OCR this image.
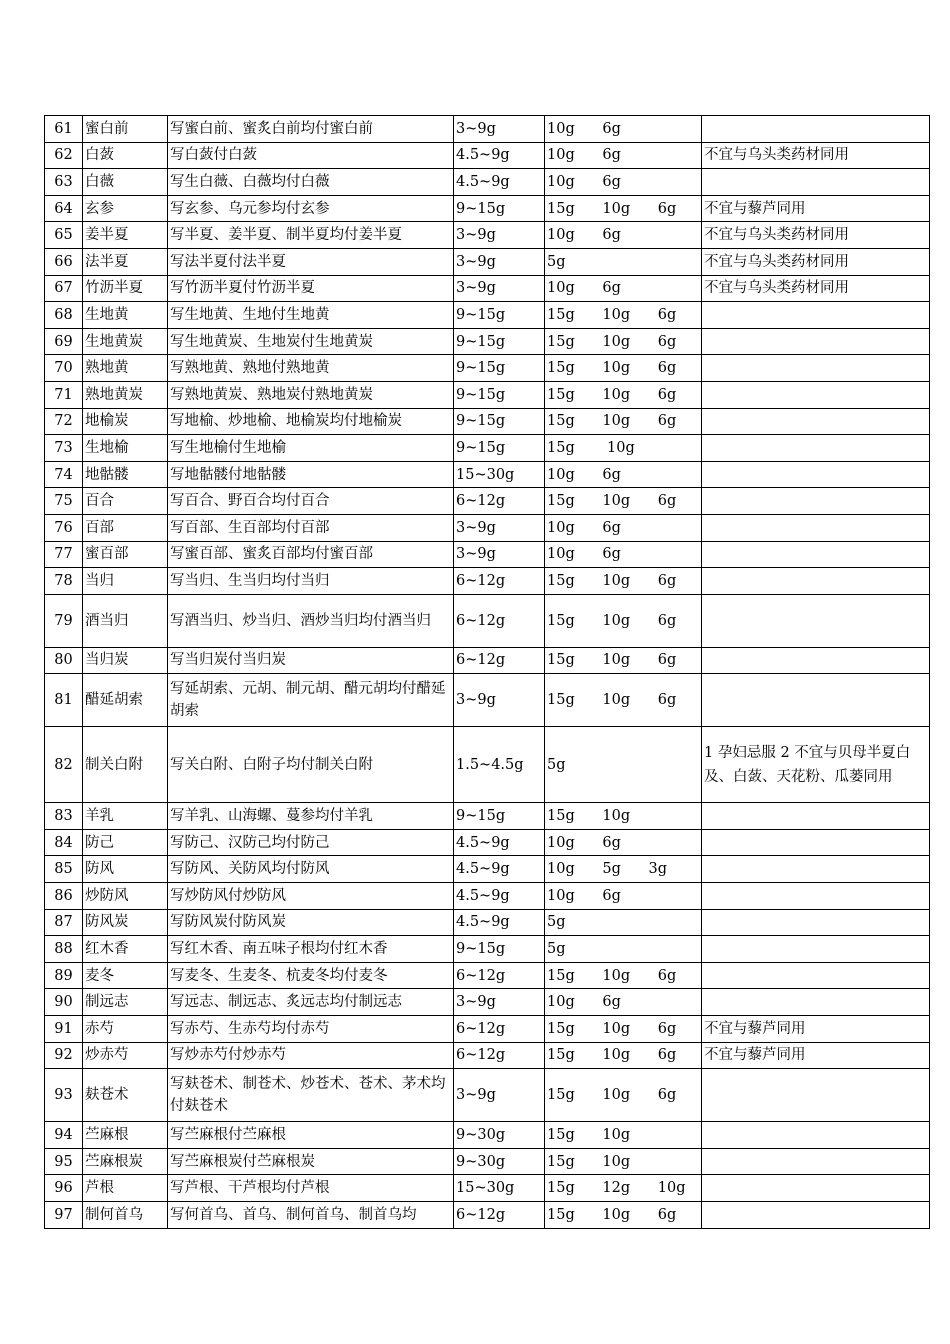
61	蜜白前	写蜜白前、蜜炙白前均付蜜白前	3~9g	10g      6g	
62	白蔹	写白蔹付白蔹	4.5~9g	10g      6g	不宜与乌头类药材同用
63	白薇	写生白薇、白薇均付白薇	4.5~9g	10g      6g	
64	玄参	写玄参、乌元参均付玄参	9~15g	15g      10g      6g	不宜与藜芦同用
65	姜半夏	写半夏、姜半夏、制半夏均付姜半夏	3~9g	10g      6g	不宜与乌头类药材同用
66	法半夏	写法半夏付法半夏	3~9g	5g	不宜与乌头类药材同用
67	竹沥半夏	写竹沥半夏付竹沥半夏	3~9g	10g      6g	不宜与乌头类药材同用
68	生地黄	写生地黄、生地付生地黄	9~15g	15g      10g      6g	
69	生地黄炭	写生地黄炭、生地炭付生地黄炭	9~15g	15g      10g      6g	
70	熟地黄	写熟地黄、熟地付熟地黄	9~15g	15g      10g      6g	
71	熟地黄炭	写熟地黄炭、熟地炭付熟地黄炭	9~15g	15g      10g      6g	
72	地榆炭	写地榆、炒地榆、地榆炭均付地榆炭	9~15g	15g      10g      6g	
73	生地榆	写生地榆付生地榆	9~15g	15g       10g	
74	地骷髅	写地骷髅付地骷髅	15~30g	10g      6g	
75	百合	写百合、野百合均付百合	6~12g	15g      10g      6g	
76	百部	写百部、生百部均付百部	3~9g	10g      6g	
77	蜜百部	写蜜百部、蜜炙百部均付蜜百部	3~9g	10g      6g	
78	当归	写当归、生当归均付当归	6~12g	15g      10g      6g	
79	酒当归	写酒当归、炒当归、酒炒当归均付酒当归	6~12g	15g      10g      6g	
80	当归炭	写当归炭付当归炭	6~12g	15g      10g      6g	
81	醋延胡索	写延胡索、元胡、制元胡、醋元胡均付醋延胡索	3~9g	15g      10g      6g	
82	制关白附	写关白附、白附子均付制关白附	1.5~4.5g	5g	1 孕妇忌服 2 不宜与贝母半夏白及、白蔹、天花粉、瓜蒌同用
83	羊乳	写羊乳、山海螺、蔓参均付羊乳	9~15g	15g      10g	
84	防己	写防己、汉防己均付防己	4.5~9g	10g      6g	
85	防风	写防风、关防风均付防风	4.5~9g	10g      5g      3g	
86	炒防风	写炒防风付炒防风	4.5~9g	10g      6g	
87	防风炭	写防风炭付防风炭	4.5~9g	5g	
88	红木香	写红木香、南五味子根均付红木香	9~15g	5g	
89	麦冬	写麦冬、生麦冬、杭麦冬均付麦冬	6~12g	15g      10g      6g	
90	制远志	写远志、制远志、炙远志均付制远志	3~9g	10g      6g	
91	赤芍	写赤芍、生赤芍均付赤芍	6~12g	15g      10g      6g	不宜与藜芦同用
92	炒赤芍	写炒赤芍付炒赤芍	6~12g	15g      10g      6g	不宜与藜芦同用
93	麸苍术	写麸苍术、制苍术、炒苍术、苍术、茅术均付麸苍术	3~9g	15g      10g      6g	
94	苎麻根	写苎麻根付苎麻根	9~30g	15g      10g	
95	苎麻根炭	写苎麻根炭付苎麻根炭	9~30g	15g      10g	
96	芦根	写芦根、干芦根均付芦根	15~30g	15g      12g      10g	
97	制何首乌	写何首乌、首乌、制何首乌、制首乌均	6~12g	15g      10g      6g	
